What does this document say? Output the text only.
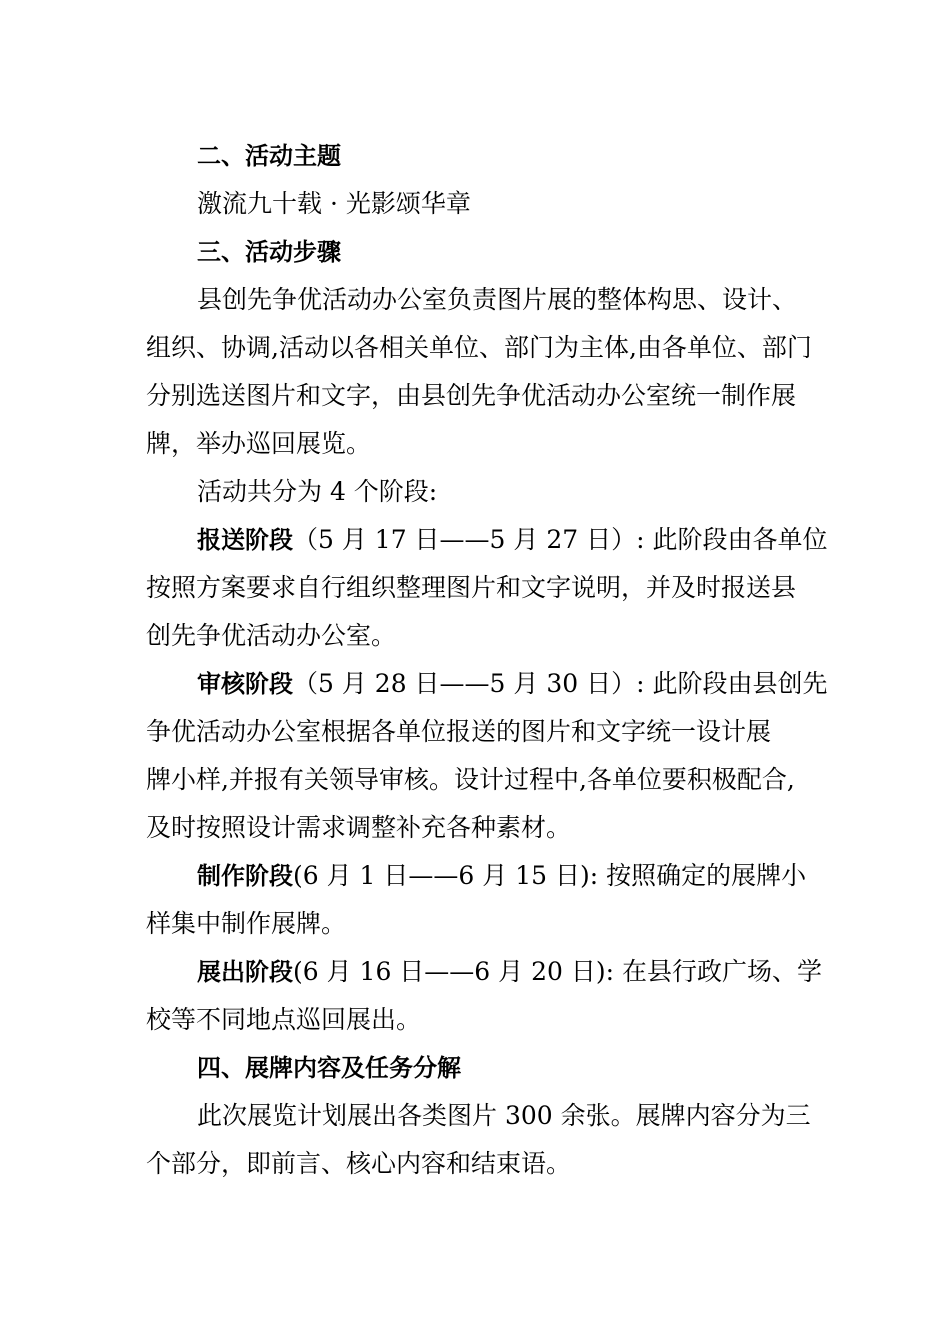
二、活动主题
激流九十载 · 光影颂华章
三、活动步骤
县创先争优活动办公室负责图片展的整体构思、设计、
组织、协调,活动以各相关单位、部门为主体,由各单位、部门
分别选送图片和文字，由县创先争优活动办公室统一制作展
牌，举办巡回展览。
活动共分为 4 个阶段:
报送阶段（5 月 17 日——5 月 27 日）: 此阶段由各单位
按照方案要求自行组织整理图片和文字说明，并及时报送县
创先争优活动办公室。
审核阶段（5 月 28 日——5 月 30 日）: 此阶段由县创先
争优活动办公室根据各单位报送的图片和文字统一设计展
牌小样,并报有关领导审核。设计过程中,各单位要积极配合,
及时按照设计需求调整补充各种素材。
制作阶段(6 月 1 日——6 月 15 日): 按照确定的展牌小
样集中制作展牌。
展出阶段(6 月 16 日——6 月 20 日): 在县行政广场、学
校等不同地点巡回展出。
四、展牌内容及任务分解
此次展览计划展出各类图片 300 余张。展牌内容分为三
个部分，即前言、核心内容和结束语。
